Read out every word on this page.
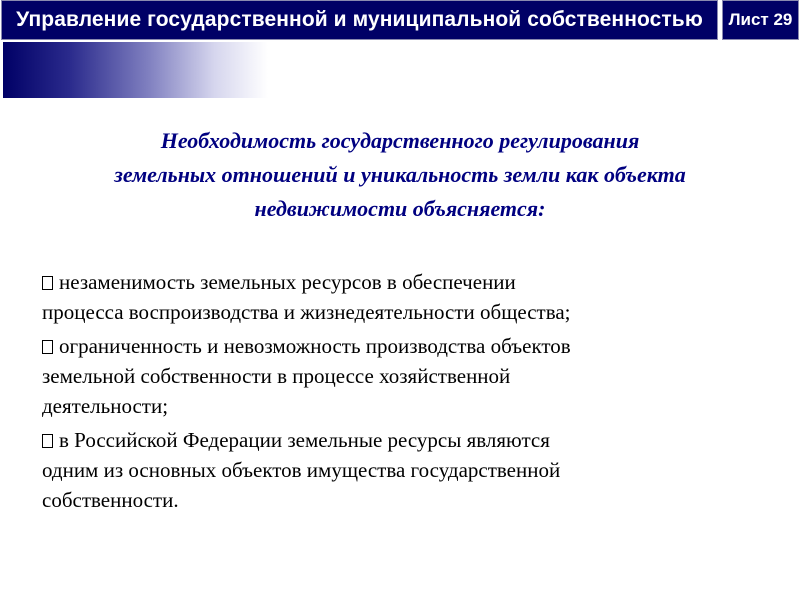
Управление государственной и муниципальной собственностью Лист 29
Необходимость государственного регулирования
земельных отношений и уникальность земли как объекта
недвижимости объясняется:
незаменимость земельных ресурсов в обеспечении
процесса воспроизводства и жизнедеятельности общества;
ограниченность и невозможность производства объектов
земельной собственности в процессе хозяйственной
деятельности;
в Российской Федерации земельные ресурсы являются
одним из основных объектов имущества государственной
собственности.
